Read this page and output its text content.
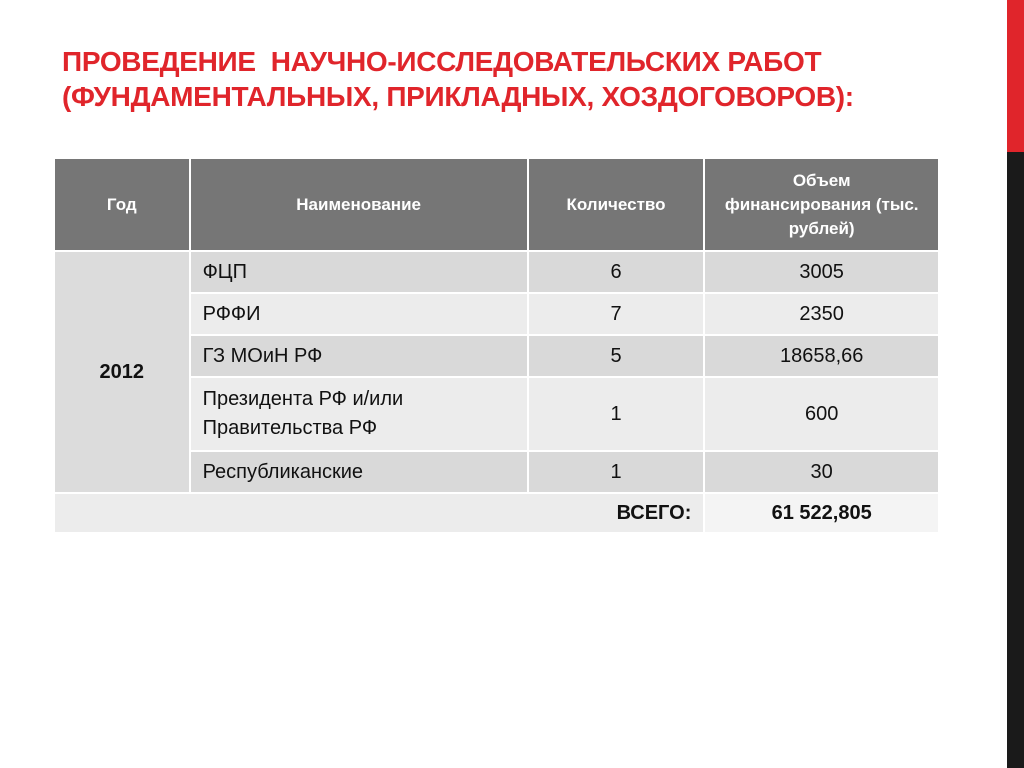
ПРОВЕДЕНИЕ  НАУЧНО-ИССЛЕДОВАТЕЛЬСКИХ РАБОТ
(ФУНДАМЕНТАЛЬНЫХ, ПРИКЛАДНЫХ, ХОЗДОГОВОРОВ):
Год	Наименование	Количество	Объем финансирования (тыс. рублей)
2012	ФЦП	6	3005
	РФФИ	7	2350
	ГЗ МОиН РФ	5	18658,66
	Президента РФ и/или Правительства РФ	1	600
	Республиканские	1	30
ВСЕГО:			61 522,805
